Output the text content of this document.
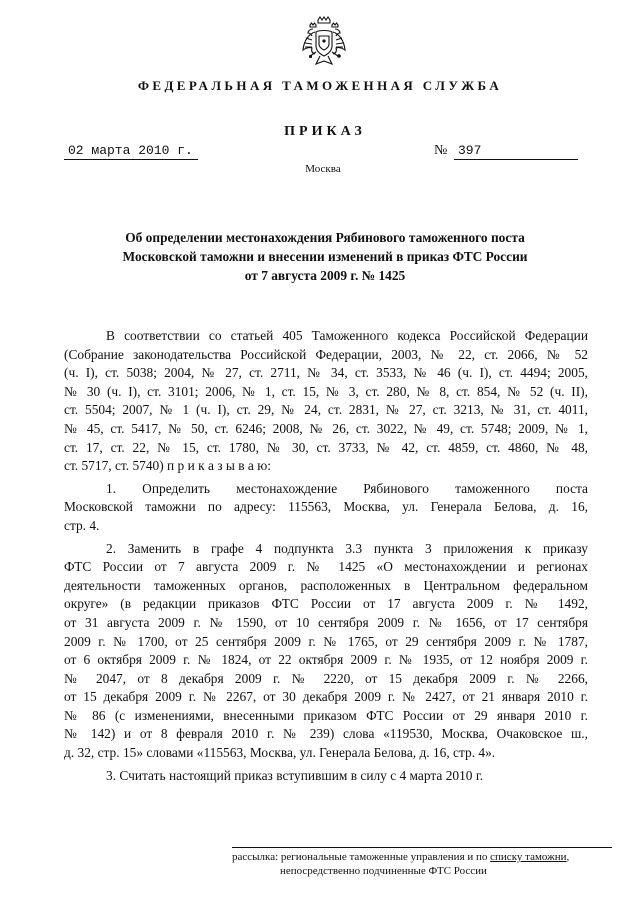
ФЕДЕРАЛЬНАЯ ТАМОЖЕННАЯ СЛУЖБА
ПРИКАЗ
02 марта 2010 г.	№ 397
Москва
Об определении местонахождения Рябинового таможенного поста
Московской таможни и внесении изменений в приказ ФТС России
от 7 августа 2009 г. № 1425
В соответствии со статьей 405 Таможенного кодекса Российской Федерации
(Собрание законодательства Российской Федерации, 2003, № 22, ст. 2066, № 52
(ч. I), ст. 5038; 2004, № 27, ст. 2711, № 34, ст. 3533, № 46 (ч. I), ст. 4494; 2005,
№ 30 (ч. I), ст. 3101; 2006, № 1, ст. 15, № 3, ст. 280, № 8, ст. 854, № 52 (ч. II),
ст. 5504; 2007, № 1 (ч. I), ст. 29, № 24, ст. 2831, № 27, ст. 3213, № 31, ст. 4011,
№ 45, ст. 5417, № 50, ст. 6246; 2008, № 26, ст. 3022, № 49, ст. 5748; 2009, № 1,
ст. 17, ст. 22, № 15, ст. 1780, № 30, ст. 3733, № 42, ст. 4859, ст. 4860, № 48,
ст. 5717, ст. 5740) п р и к а з ы в а ю:
1. Определить местонахождение Рябинового таможенного поста
Московской таможни по адресу: 115563, Москва, ул. Генерала Белова, д. 16,
стр. 4.
2. Заменить в графе 4 подпункта 3.3 пункта 3 приложения к приказу
ФТС России от 7 августа 2009 г. № 1425 «О местонахождении и регионах
деятельности таможенных органов, расположенных в Центральном федеральном
округе» (в редакции приказов ФТС России от 17 августа 2009 г. № 1492,
от 31 августа 2009 г. № 1590, от 10 сентября 2009 г. № 1656, от 17 сентября
2009 г. № 1700, от 25 сентября 2009 г. № 1765, от 29 сентября 2009 г. № 1787,
от 6 октября 2009 г. № 1824, от 22 октября 2009 г. № 1935, от 12 ноября 2009 г.
№ 2047, от 8 декабря 2009 г. № 2220, от 15 декабря 2009 г. № 2266,
от 15 декабря 2009 г. № 2267, от 30 декабря 2009 г. № 2427, от 21 января 2010 г.
№ 86 (с изменениями, внесенными приказом ФТС России от 29 января 2010 г.
№ 142) и от 8 февраля 2010 г. № 239) слова «119530, Москва, Очаковское ш.,
д. 32, стр. 15» словами «115563, Москва, ул. Генерала Белова, д. 16, стр. 4».
3. Считать настоящий приказ вступившим в силу с 4 марта 2010 г.
рассылка: региональные таможенные управления и по списку таможни,
непосредственно подчиненные ФТС России
